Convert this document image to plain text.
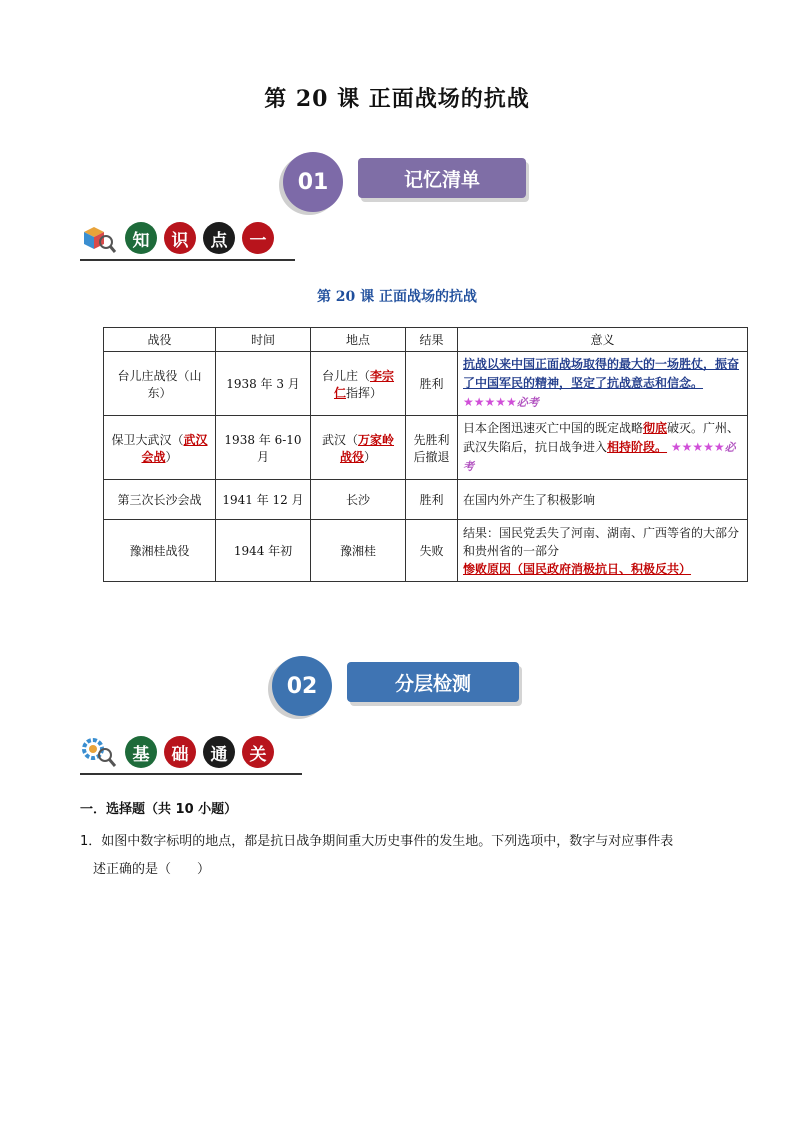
第 20 课 正面战场的抗战
01	记忆清单
知	识	点	一
第 20 课 正面战场的抗战
战役	时间	地点	结果	意义
台儿庄战役（山东）	1938 年 3 月	台儿庄（李宗仁指挥）	胜利	抗战以来中国正面战场取得的最大的一场胜仗，振奋了中国军民的精神，坚定了抗战意志和信念。★★★★★必考
保卫大武汉（武汉会战）	1938 年 6-10 月	武汉（万家岭战役）	先胜利后撤退	日本企图迅速灭亡中国的既定战略彻底破灭。广州、武汉失陷后，抗日战争进入相持阶段。 ★★★★★必考
第三次长沙会战	1941 年 12 月	长沙	胜利	在国内外产生了积极影响
豫湘桂战役	1944 年初	豫湘桂	失败	结果：国民党丢失了河南、湖南、广西等省的大部分和贵州省的一部分
惨败原因（国民政府消极抗日、积极反共）
02	分层检测
基	础	通	关
一．选择题（共 10 小题）
1．如图中数字标明的地点，都是抗日战争期间重大历史事件的发生地。下列选项中，数字与对应事件表
述正确的是（　　）
